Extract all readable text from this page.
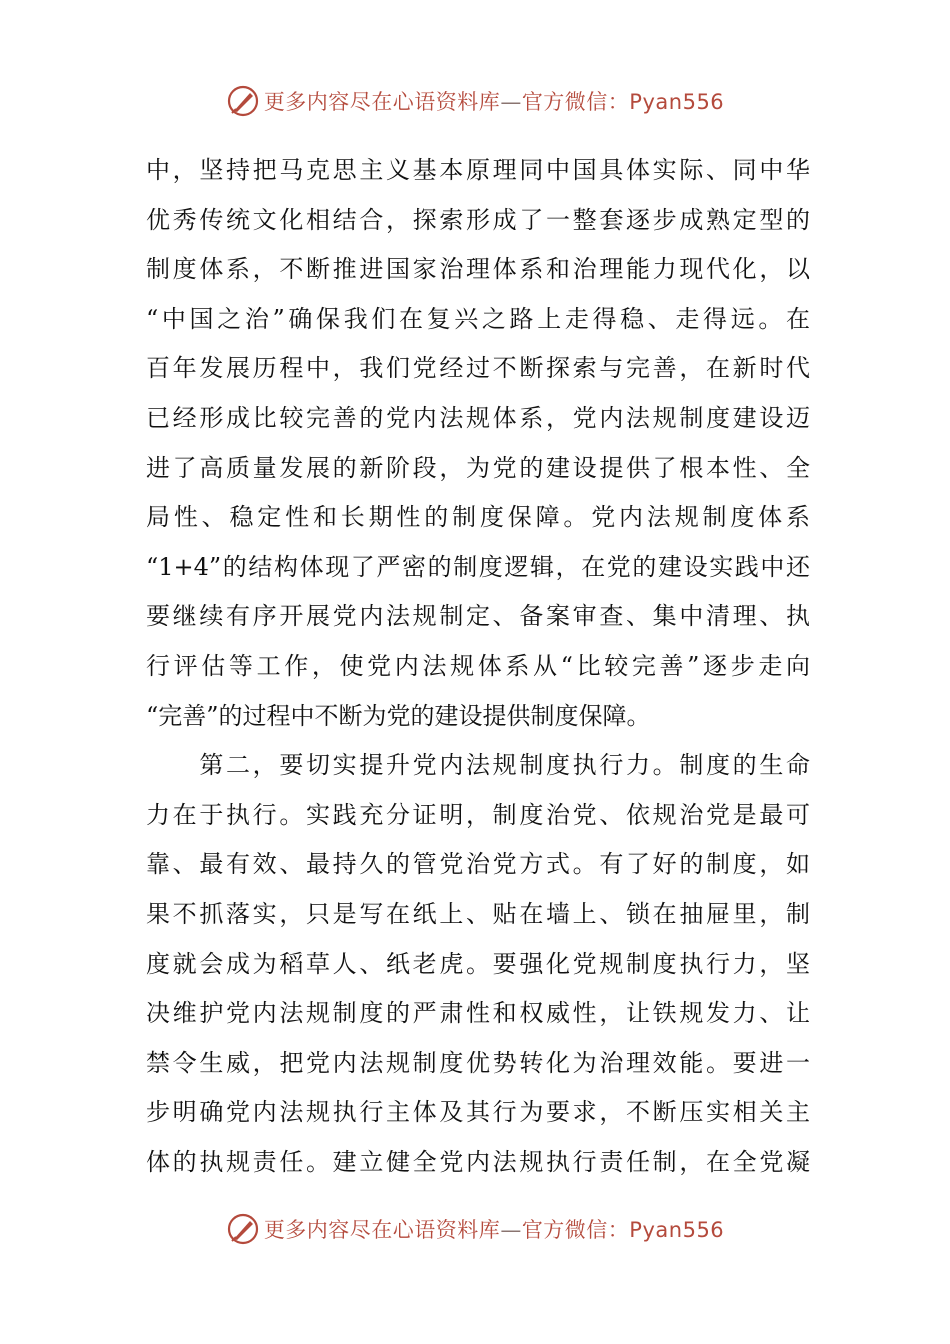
更多内容尽在心语资料库—官方微信：Pyan556
中，坚持把马克思主义基本原理同中国具体实际、同中华
优秀传统文化相结合，探索形成了一整套逐步成熟定型的
制度体系，不断推进国家治理体系和治理能力现代化，以
“中国之治”确保我们在复兴之路上走得稳、走得远。在
百年发展历程中，我们党经过不断探索与完善，在新时代
已经形成比较完善的党内法规体系，党内法规制度建设迈
进了高质量发展的新阶段，为党的建设提供了根本性、全
局性、稳定性和长期性的制度保障。党内法规制度体系
“1+4”的结构体现了严密的制度逻辑，在党的建设实践中还
要继续有序开展党内法规制定、备案审查、集中清理、执
行评估等工作，使党内法规体系从“比较完善”逐步走向
“完善”的过程中不断为党的建设提供制度保障。
　　第二，要切实提升党内法规制度执行力。制度的生命
力在于执行。实践充分证明，制度治党、依规治党是最可
靠、最有效、最持久的管党治党方式。有了好的制度，如
果不抓落实，只是写在纸上、贴在墙上、锁在抽屉里，制
度就会成为稻草人、纸老虎。要强化党规制度执行力，坚
决维护党内法规制度的严肃性和权威性，让铁规发力、让
禁令生威，把党内法规制度优势转化为治理效能。要进一
步明确党内法规执行主体及其行为要求，不断压实相关主
体的执规责任。建立健全党内法规执行责任制，在全党凝
更多内容尽在心语资料库—官方微信：Pyan556
